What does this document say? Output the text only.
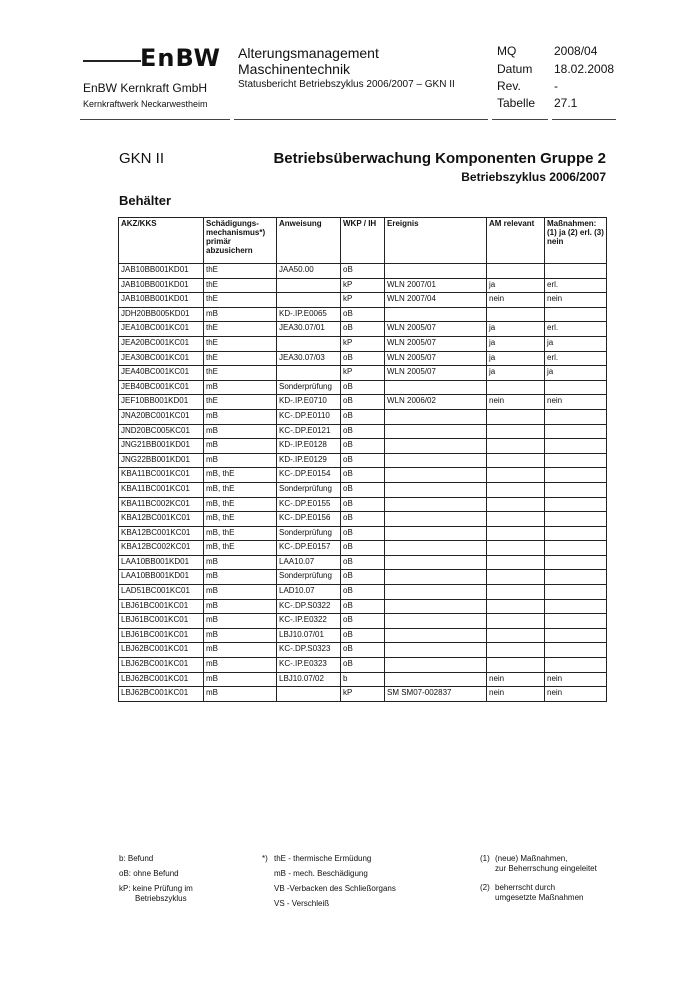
EnBW
EnBW Kernkraft GmbH
Kernkraftwerk Neckarwestheim
Alterungsmanagement
Maschinentechnik
Statusbericht Betriebszyklus 2006/2007 – GKN II
MQ	2008/04
Datum 18.02.2008
Rev.	-
Tabelle 27.1
GKN II	Betriebsüberwachung Komponenten Gruppe 2
Betriebszyklus 2006/2007
Behälter
AKZ/KKS	Schädigungs-mechanismus*) primär abzusichern	Anweisung	WKP / IH	Ereignis	AM relevant	Maßnahmen: (1) ja (2) erl. (3) nein
JAB10BB001KD01	thE	JAA50.00	oB			
JAB10BB001KD01	thE		kP	WLN 2007/01	ja	erl.
JAB10BB001KD01	thE		kP	WLN 2007/04	nein	nein
JDH20BB005KD01	mB	KD-.IP.E0065	oB			
JEA10BC001KC01	thE	JEA30.07/01	oB	WLN 2005/07	ja	erl.
JEA20BC001KC01	thE		kP	WLN 2005/07	ja	ja
JEA30BC001KC01	thE	JEA30.07/03	oB	WLN 2005/07	ja	erl.
JEA40BC001KC01	thE		kP	WLN 2005/07	ja	ja
JEB40BC001KC01	mB	Sonderprüfung	oB			
JEF10BB001KD01	thE	KD-.IP.E0710	oB	WLN 2006/02	nein	nein
JNA20BC001KC01	mB	KC-.DP.E0110	oB			
JND20BC005KC01	mB	KC-.DP.E0121	oB			
JNG21BB001KD01	mB	KD-.IP.E0128	oB			
JNG22BB001KD01	mB	KD-.IP.E0129	oB			
KBA11BC001KC01	mB, thE	KC-.DP.E0154	oB			
KBA11BC001KC01	mB, thE	Sonderprüfung	oB			
KBA11BC002KC01	mB, thE	KC-.DP.E0155	oB			
KBA12BC001KC01	mB, thE	KC-.DP.E0156	oB			
KBA12BC001KC01	mB, thE	Sonderprüfung	oB			
KBA12BC002KC01	mB, thE	KC-.DP.E0157	oB			
LAA10BB001KD01	mB	LAA10.07	oB			
LAA10BB001KD01	mB	Sonderprüfung	oB			
LAD51BC001KC01	mB	LAD10.07	oB			
LBJ61BC001KC01	mB	KC-.DP.S0322	oB			
LBJ61BC001KC01	mB	KC-.IP.E0322	oB			
LBJ61BC001KC01	mB	LBJ10.07/01	oB			
LBJ62BC001KC01	mB	KC-.DP.S0323	oB			
LBJ62BC001KC01	mB	KC-.IP.E0323	oB			
LBJ62BC001KC01	mB	LBJ10.07/02	b		nein	nein
LBJ62BC001KC01	mB		kP	SM SM07-002837	nein	nein
b: Befund
oB: ohne Befund
kP: keine Prüfung im
Betriebszyklus
*) thE - thermische Ermüdung
mB - mech. Beschädigung
VB -Verbacken des Schließorgans
VS - Verschleiß
(1) (neue) Maßnahmen,
zur Beherrschung eingeleitet
(2) beherrscht durch
umgesetzte Maßnahmen
